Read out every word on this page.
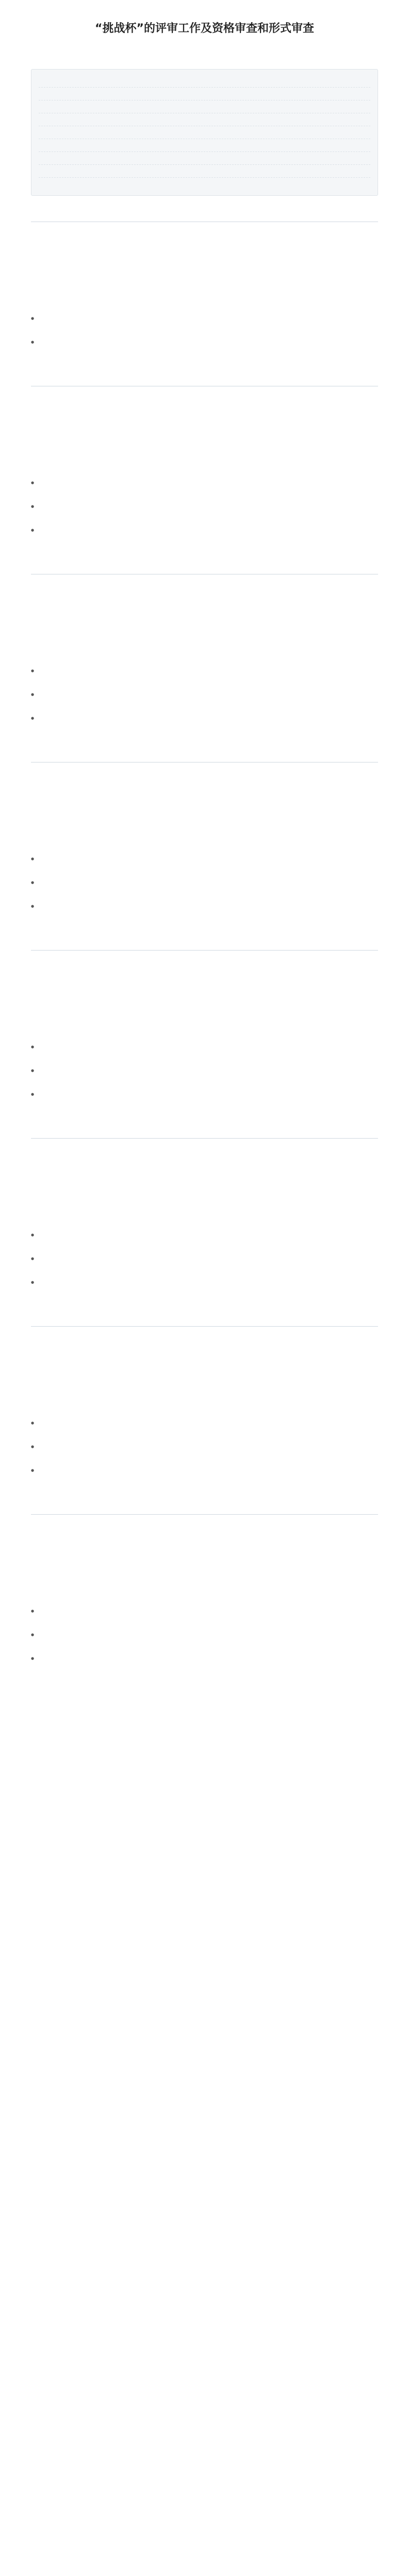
“挑战杯”的评审工作及资格审查和形式审查

●
●

●
●
●

●
●
●

●
●
●

●
●
●

●
●
●

●
●
●

●
●
●
